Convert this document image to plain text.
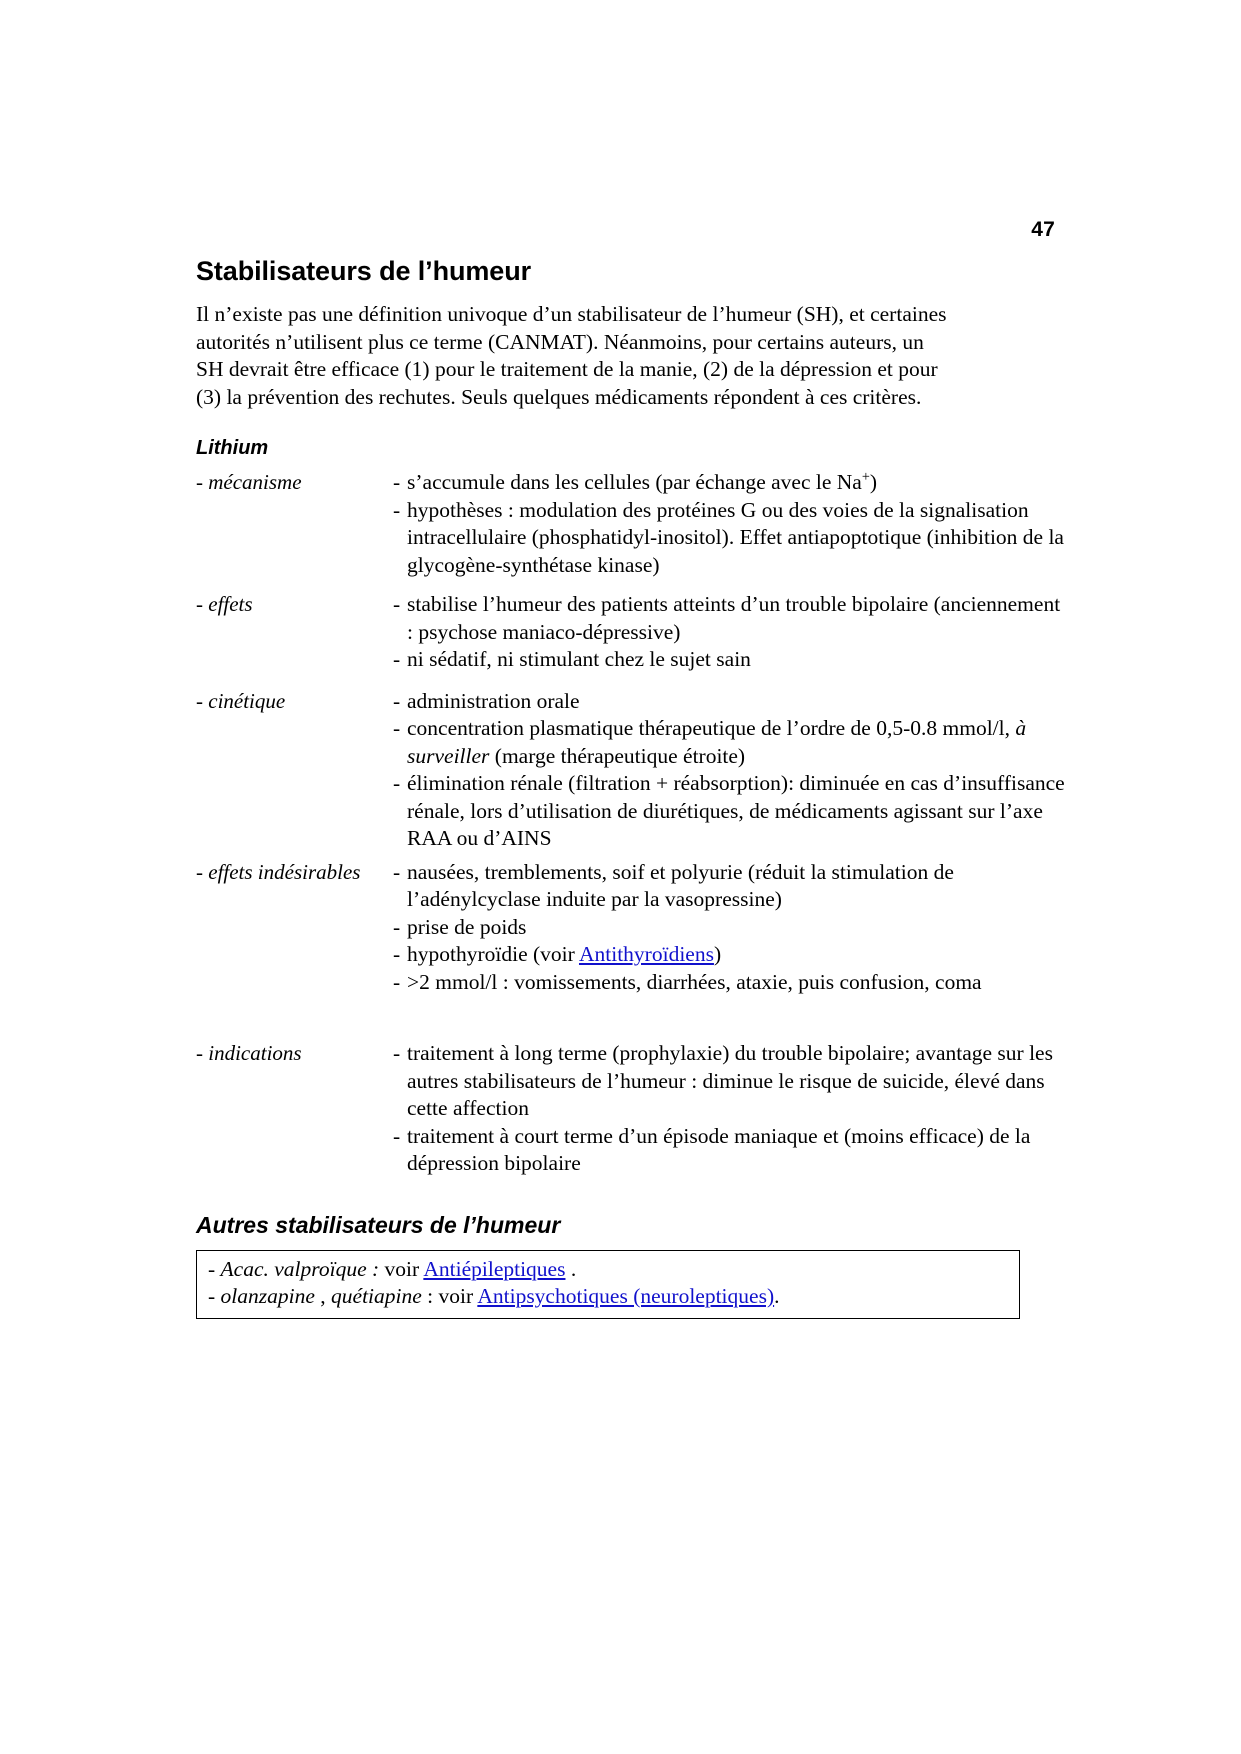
47
Stabilisateurs de l’humeur

Il n’existe pas une définition univoque d’un stabilisateur de l’humeur (SH), et certaines autorités n’utilisent plus ce terme (CANMAT). Néanmoins, pour certains auteurs, un SH devrait être efficace (1) pour le traitement de la manie, (2) de la dépression et pour (3) la prévention des rechutes. Seuls quelques médicaments répondent à ces critères.

Lithium
- mécanisme	- s’accumule dans les cellules (par échange avec le Na+)
- hypothèses : modulation des protéines G ou des voies de la signalisation intracellulaire (phosphatidyl-inositol). Effet antiapoptotique (inhibition de la glycogène-synthétase kinase)
- effets	- stabilise l’humeur des patients atteints d’un trouble bipolaire (anciennement : psychose maniaco-dépressive)
- ni sédatif, ni stimulant chez le sujet sain
- cinétique	- administration orale
- concentration plasmatique thérapeutique de l’ordre de 0,5-0.8 mmol/l, à surveiller (marge thérapeutique étroite)
- élimination rénale (filtration + réabsorption): diminuée en cas d’insuffisance rénale, lors d’utilisation de diurétiques, de médicaments agissant sur l’axe RAA ou d’AINS
- effets indésirables	- nausées, tremblements, soif et polyurie (réduit la stimulation de l’adénylcyclase induite par la vasopressine)
- prise de poids
- hypothyroïdie (voir Antithyroïdiens)
- >2 mmol/l : vomissements, diarrhées, ataxie, puis confusion, coma
- indications	- traitement à long terme (prophylaxie) du trouble bipolaire; avantage sur les autres stabilisateurs de l’humeur : diminue le risque de suicide, élevé dans cette affection
- traitement à court terme d’un épisode maniaque et (moins efficace) de la dépression bipolaire
Autres stabilisateurs de l’humeur
- Acac. valproïque : voir Antiépileptiques .
- olanzapine , quétiapine : voir Antipsychotiques (neuroleptiques).
